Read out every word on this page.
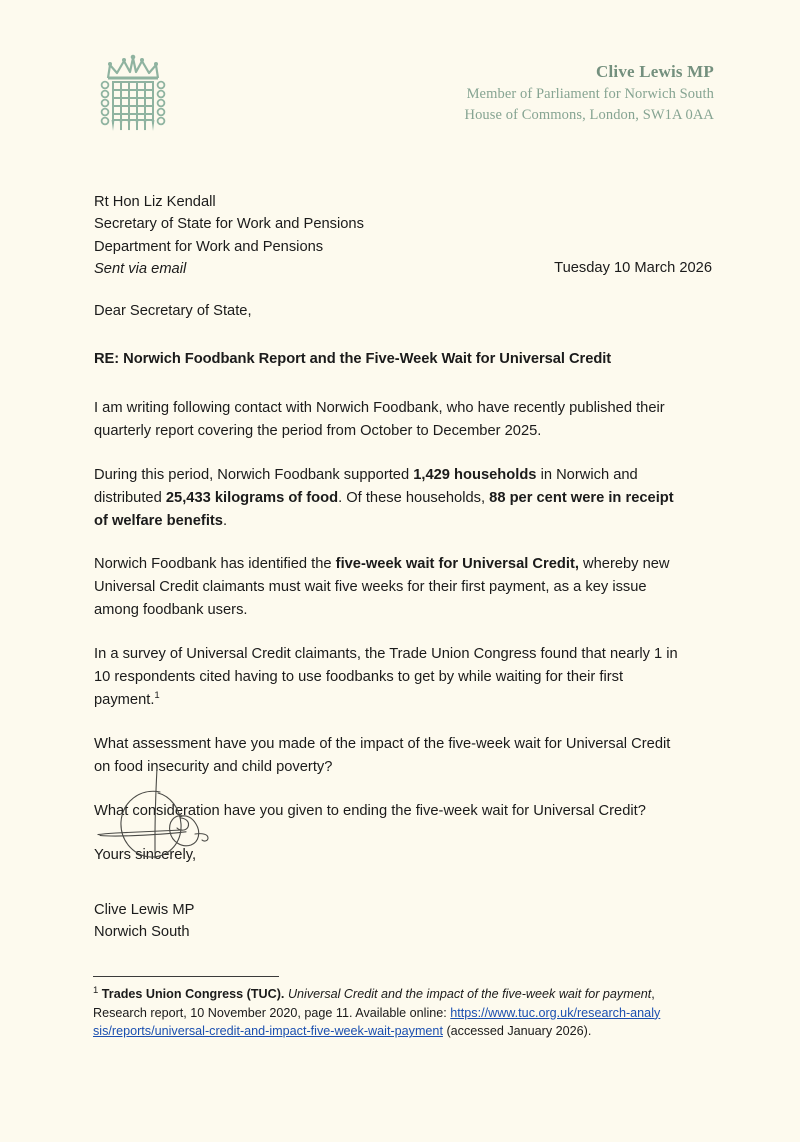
Clive Lewis MP
Member of Parliament for Norwich South
House of Commons, London, SW1A 0AA
Rt Hon Liz Kendall
Secretary of State for Work and Pensions
Department for Work and Pensions
Sent via email	Tuesday 10 March 2026

Dear Secretary of State,

RE: Norwich Foodbank Report and the Five-Week Wait for Universal Credit

I am writing following contact with Norwich Foodbank, who have recently published their quarterly report covering the period from October to December 2025.

During this period, Norwich Foodbank supported 1,429 households in Norwich and distributed 25,433 kilograms of food. Of these households, 88 per cent were in receipt of welfare benefits.

Norwich Foodbank has identified the five-week wait for Universal Credit, whereby new Universal Credit claimants must wait five weeks for their first payment, as a key issue among foodbank users.

In a survey of Universal Credit claimants, the Trade Union Congress found that nearly 1 in 10 respondents cited having to use foodbanks to get by while waiting for their first payment.$^1$

What assessment have you made of the impact of the five-week wait for Universal Credit on food insecurity and child poverty?

What consideration have you given to ending the five-week wait for Universal Credit?

Yours sincerely,

Clive Lewis MP
Norwich South
$^1$ Trades Union Congress (TUC). Universal Credit and the impact of the five-week wait for payment, Research report, 10 November 2020, page 11. Available online: https://www.tuc.org.uk/research-analysis/reports/universal-credit-and-impact-five-week-wait-payment (accessed January 2026).
